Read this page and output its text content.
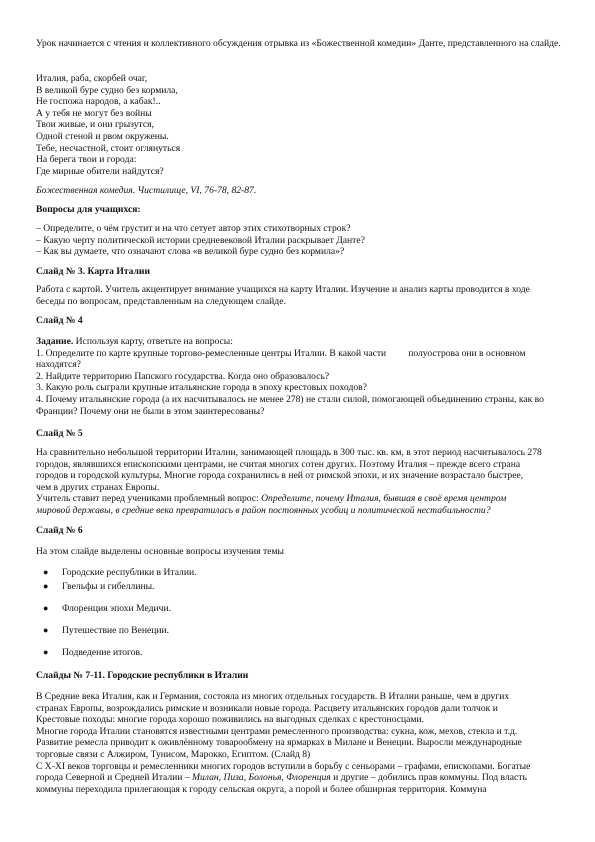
Урок начинается с чтения и коллективного обсуждения отрывка из «Божественной комедии» Данте, представленного на слайде.

Италия, раба, скорбей очаг,

В великой буре судно без кормила,

Не госпожа народов, а кабак!..

А у тебя не могут без войны

Твои живые, и они грызутся,

Одной стеной и рвом окружены.

Тебе, несчастной, стоит оглянуться

На берега твои и города:

Где мирные обители найдутся?

Божественная комедия. Чистилище, VI, 76-78, 82-87.

Вопросы для учащихся:

– Определите, о чём грустит и на что сетует автор этих стихотворных строк?

– Какую черту политической истории средневековой Италии раскрывает Данте?

– Как вы думаете, что означают слова «в великой буре судно без кормила»?

Слайд № 3. Карта Италии

Работа с картой. Учитель акцентирует внимание учащихся на карту Италии. Изучение и анализ карты проводится в ходе

беседы по вопросам, представленным на следующем слайде.

Слайд № 4

Задание. Используя карту, ответьте на вопросы:

1. Определите по карте крупные торгово-ремесленные центры Италии. В какой части полуострова они в основном

находятся?

2. Найдите территорию Папского государства. Когда оно образовалось?

3. Какую роль сыграли крупные итальянские города в эпоху крестовых походов?

4. Почему итальянские города (а их насчитывалось не менее 278) не стали силой, помогающей объединению страны, как во

Франции? Почему они не были в этом заинтересованы?

Слайд № 5

На сравнительно небольшой территории Италии, занимающей площадь в 300 тыс. кв. км, в этот период насчитывалось 278

городов, являвшихся епископскими центрами, не считая многих сотен других. Поэтому Италия – прежде всего страна

городов и городской культуры. Многие города сохранились в ней от римской эпохи, и их значение возрастало быстрее,

чем в других странах Европы.

Учитель ставит перед учениками проблемный вопрос: Определите, почему Италия, бывшая в своё время центром

мировой державы, в средние века превратилась в район постоянных усобиц и политической нестабильности?

Слайд № 6

На этом слайде выделены основные вопросы изучения темы

● Городские республики в Италии.
● Гвельфы и гибеллины.
● Флоренция эпохи Медичи.
● Путешествие по Венеции.
● Подведение итогов.

Слайды № 7-11. Городские республики в Италии

В Средние века Италия, как и Германия, состояла из многих отдельных государств. В Италии раньше, чем в других

странах Европы, возрождались римские и возникали новые города. Расцвету итальянских городов дали толчок и

Крестовые походы: многие города хорошо поживились на выгодных сделках с крестоносцами.

Многие города Италии становятся известными центрами ремесленного производства: сукна, кож, мехов, стекла и т.д.

Развитие ремесла приводит к оживлённому товарообмену на ярмарках в Милане и Венеции. Выросли международные

торговые связи с Алжиром, Тунисом, Марокко, Египтом. (Слайд 8)

С X-XI веков торговцы и ремесленники многих городов вступили в борьбу с сеньорами – графами, епископами. Богатые

города Северной и Средней Италии – Милан, Пиза, Болонья, Флоренция и другие – добились прав коммуны. Под власть

коммуны переходила прилегающая к городу сельская округа, а порой и более обширная территория. Коммуна
